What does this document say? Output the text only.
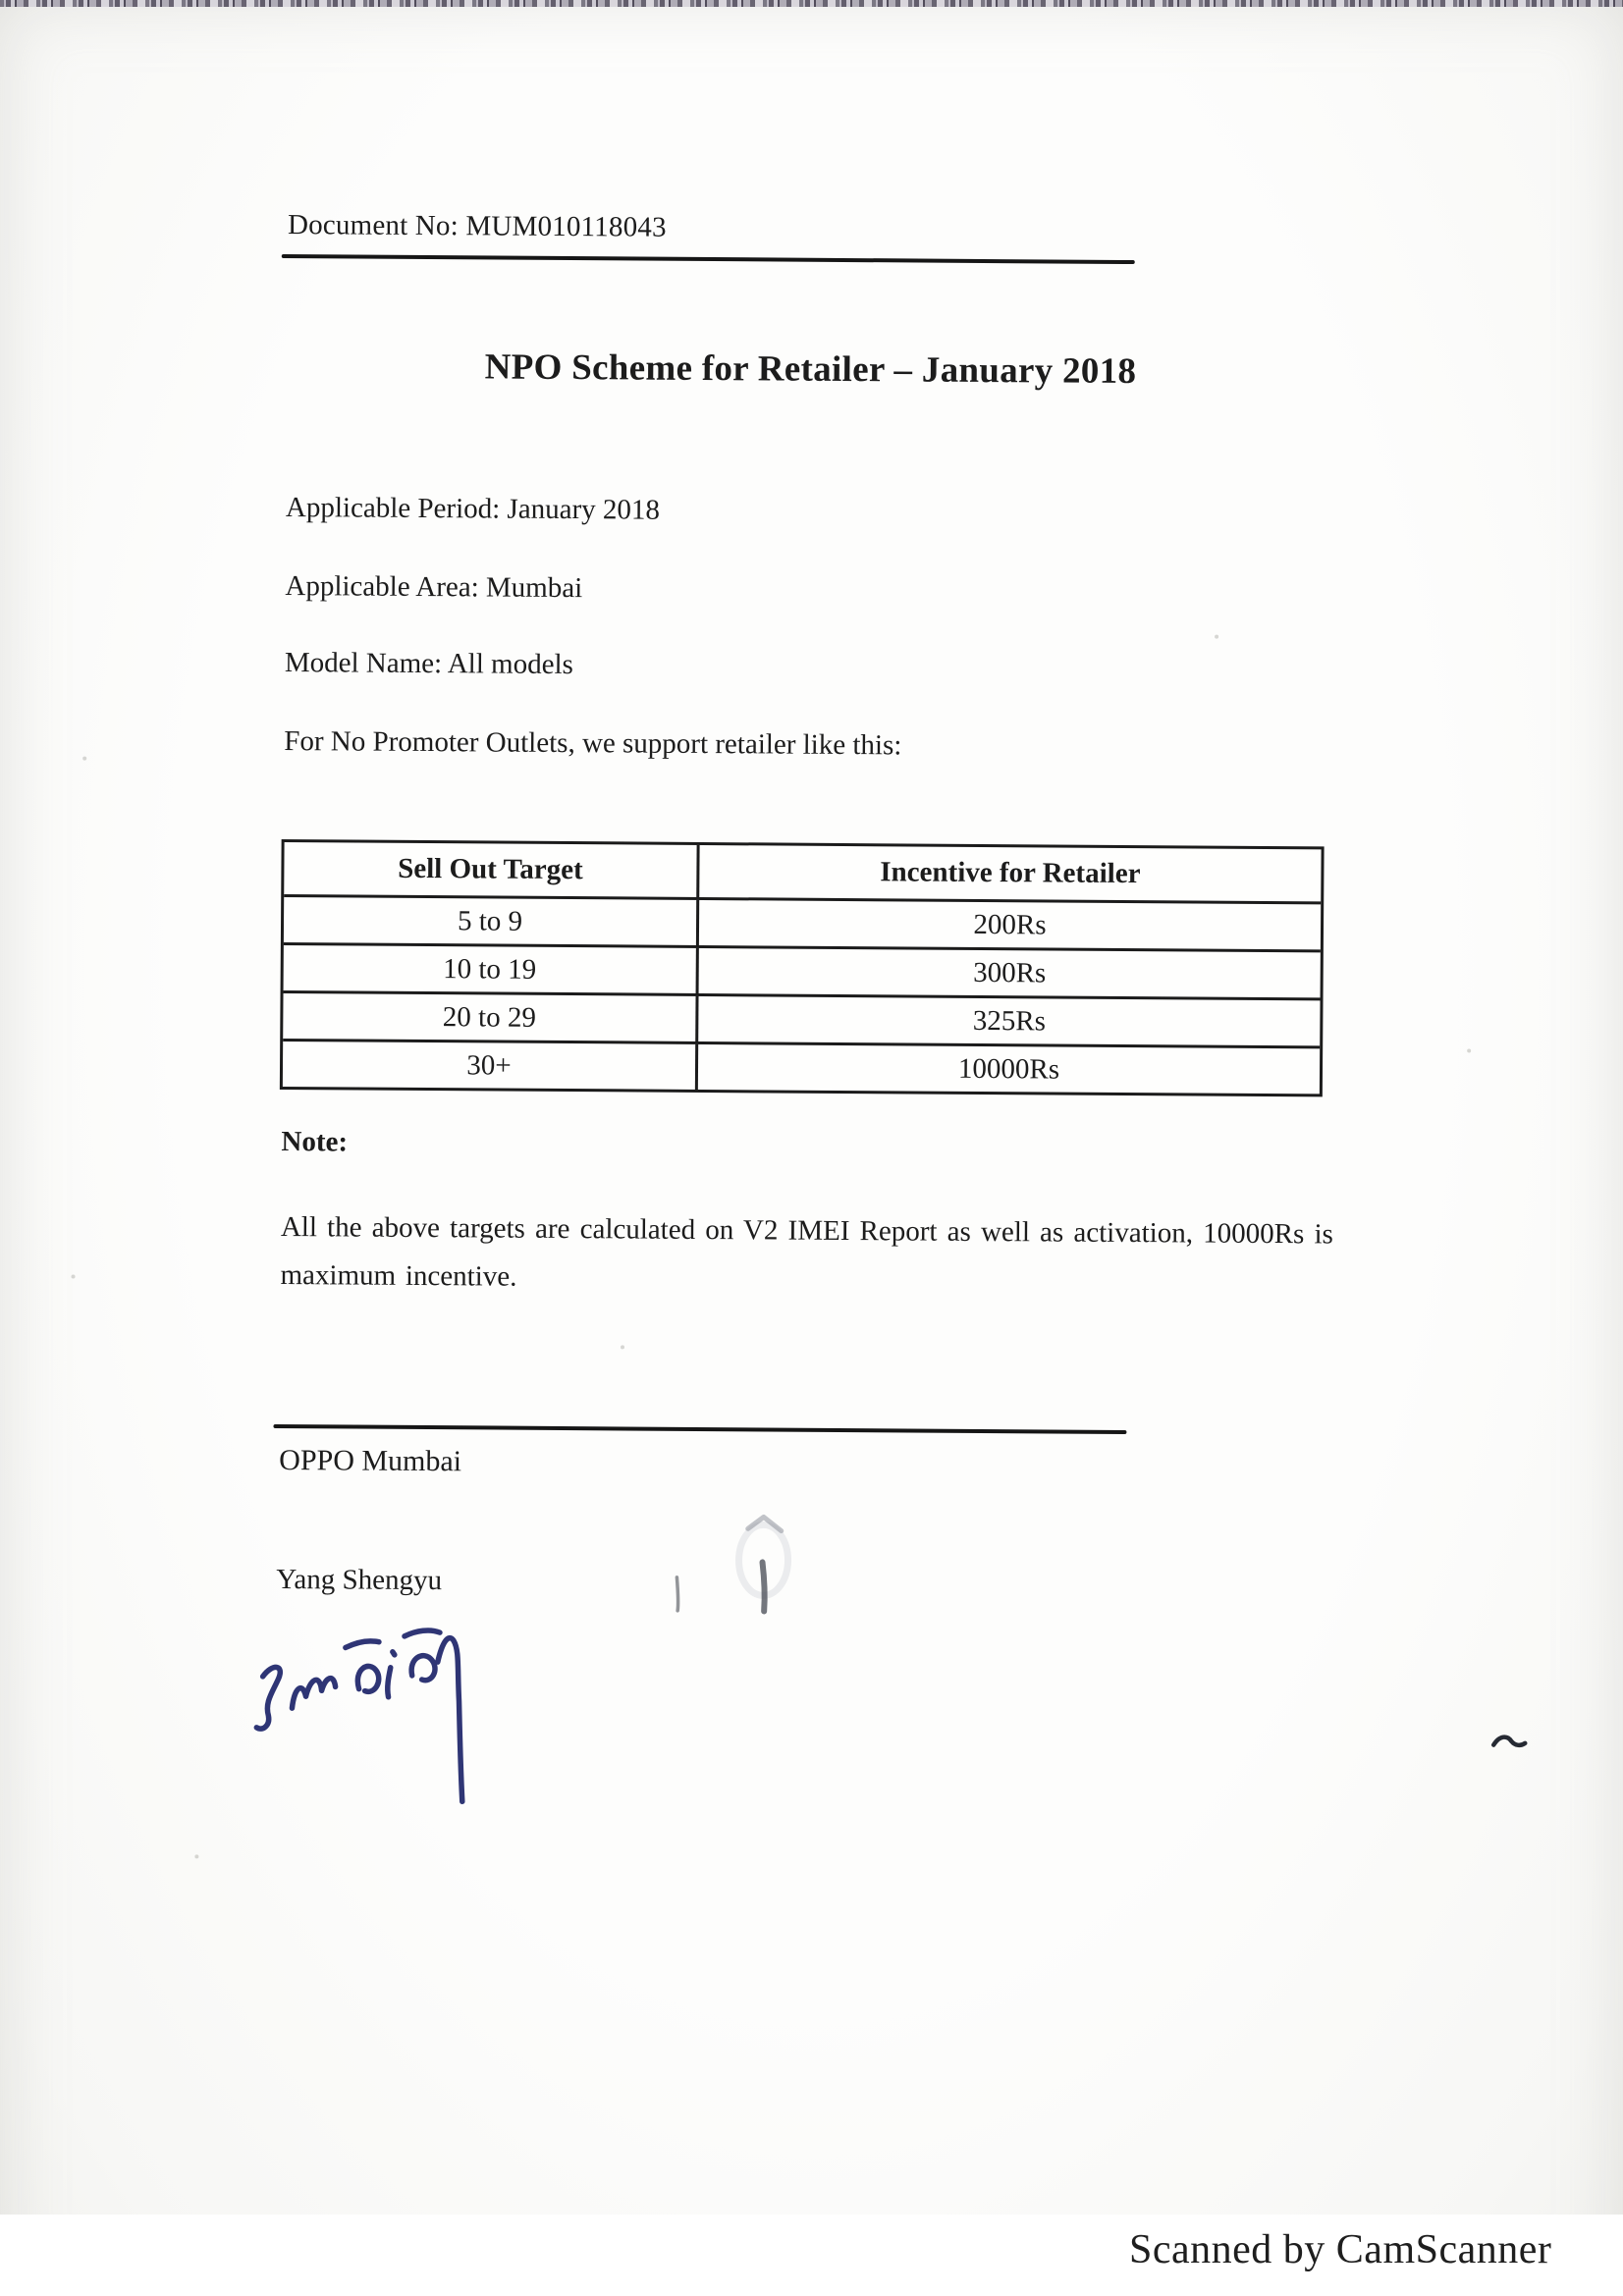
Document No: MUM010118043
NPO Scheme for Retailer – January 2018
Applicable Period: January 2018
Applicable Area: Mumbai
Model Name: All models
For No Promoter Outlets, we support retailer like this:
Sell Out Target	Incentive for Retailer
5 to 9	200Rs
10 to 19	300Rs
20 to 29	325Rs
30+	10000Rs
Note:
All the above targets are calculated on V2 IMEI Report as well as activation, 10000Rs is maximum incentive.
OPPO Mumbai
Yang Shengyu
Scanned by CamScanner
